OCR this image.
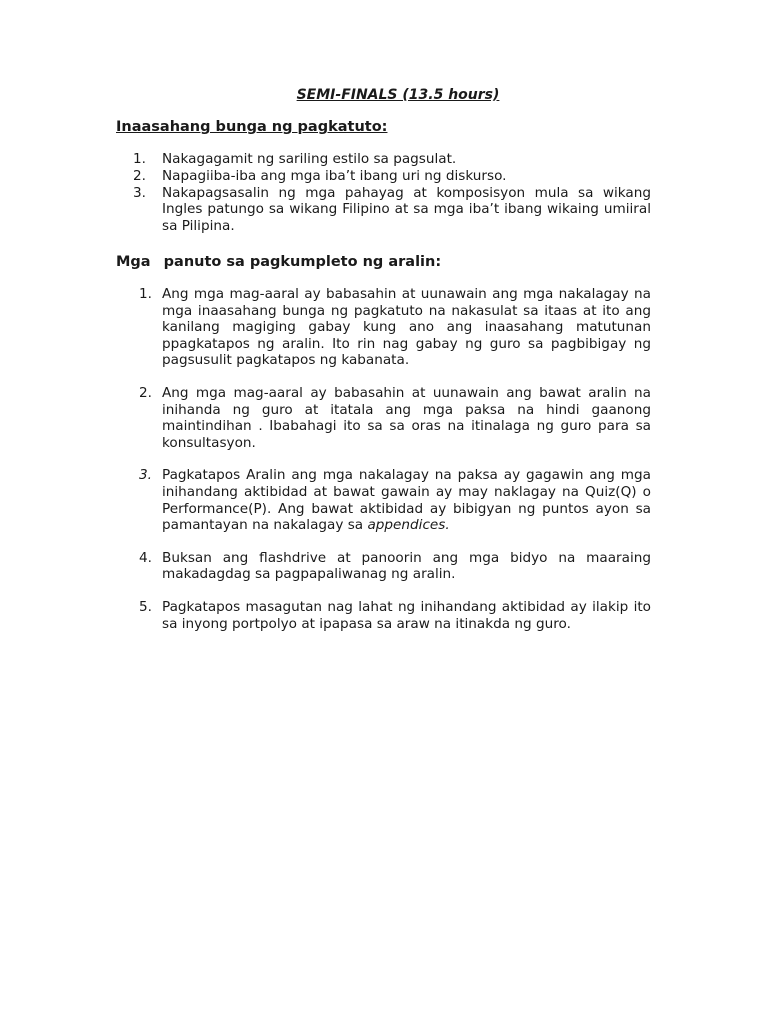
SEMI-FINALS (13.5 hours)
Inaasahang bunga ng pagkatuto:
1. Nakagagamit ng sariling estilo sa pagsulat.
2. Napagiiba-iba ang mga iba’t ibang uri ng diskurso.
3. Nakapagsasalin ng mga pahayag at komposisyon mula sa wikang Ingles patungo sa wikang Filipino at sa mga iba’t ibang wikaing umiiral sa Pilipina.
Mga panuto sa pagkumpleto ng aralin:
1. Ang mga mag-aaral ay babasahin at uunawain ang mga nakalagay na mga inaasahang bunga ng pagkatuto na nakasulat sa itaas at ito ang kanilang magiging gabay kung ano ang inaasahang matutunan ppagkatapos ng aralin. Ito rin nag gabay ng guro sa pagbibigay ng pagsusulit pagkatapos ng kabanata.
2. Ang mga mag-aaral ay babasahin at uunawain ang bawat aralin na inihanda ng guro at itatala ang mga paksa na hindi gaanong maintindihan . Ibabahagi ito sa sa oras na itinalaga ng guro para sa konsultasyon.
3. Pagkatapos Aralin ang mga nakalagay na paksa ay gagawin ang mga inihandang aktibidad at bawat gawain ay may naklagay na Quiz(Q) o Performance(P). Ang bawat aktibidad ay bibigyan ng puntos ayon sa pamantayan na nakalagay sa appendices.
4. Buksan ang flashdrive at panoorin ang mga bidyo na maaraing makadagdag sa pagpapaliwanag ng aralin.
5. Pagkatapos masagutan nag lahat ng inihandang aktibidad ay ilakip ito sa inyong portpolyo at ipapasa sa araw na itinakda ng guro.
